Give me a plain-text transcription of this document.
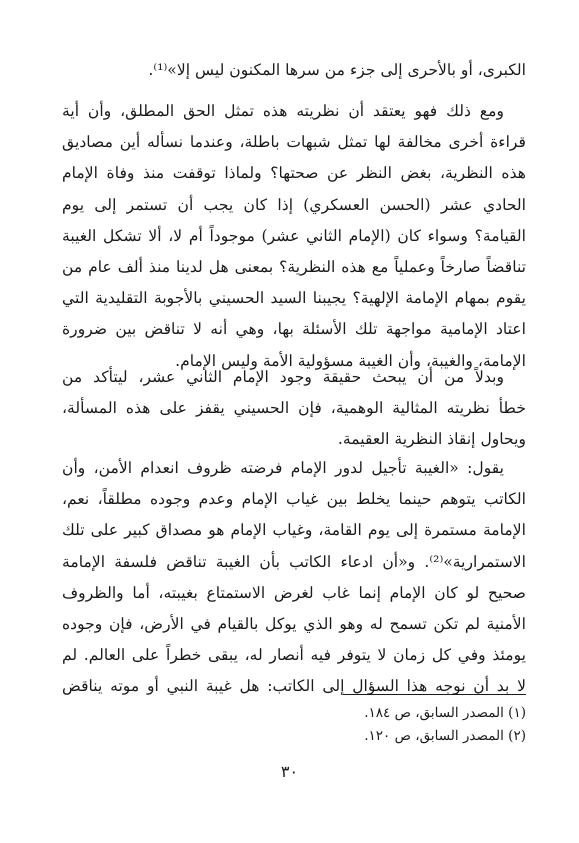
الكبرى، أو بالأحرى إلى جزء من سرها المكنون ليس إلا»⁽¹⁾.
ومع ذلك فهو يعتقد أن نظريته هذه تمثل الحق المطلق، وأن أية
قراءة أخرى مخالفة لها تمثل شبهات باطلة، وعندما نسأله أين مصاديق
هذه النظرية، بغض النظر عن صحتها؟ ولماذا توقفت منذ وفاة الإمام
الحادي عشر (الحسن العسكري) إذا كان يجب أن تستمر إلى يوم
القيامة؟ وسواء كان (الإمام الثاني عشر) موجوداً أم لا، ألا تشكل الغيبة
تناقضاً صارخاً وعملياً مع هذه النظرية؟ بمعنى هل لدينا منذ ألف عام من
يقوم بمهام الإمامة الإلهية؟ يجيبنا السيد الحسيني بالأجوبة التقليدية التي
اعتاد الإمامية مواجهة تلك الأسئلة بها، وهي أنه لا تناقض بين ضرورة
الإمامة، والغيبة، وأن الغيبة مسؤولية الأمة وليس الإمام.
وبدلاً من أن يبحث حقيقة وجود الإمام الثاني عشر، ليتأكد من
خطأ نظريته المثالية الوهمية، فإن الحسيني يقفز على هذه المسألة،
ويحاول إنقاذ النظرية العقيمة.
يقول: «الغيبة تأجيل لدور الإمام فرضته ظروف انعدام الأمن، وأن
الكاتب يتوهم حينما يخلط بين غياب الإمام وعدم وجوده مطلقاً، نعم،
الإمامة مستمرة إلى يوم القامة، وغياب الإمام هو مصداق كبير على تلك
الاستمرارية»⁽²⁾. و«أن ادعاء الكاتب بأن الغيبة تناقض فلسفة الإمامة
صحيح لو كان الإمام إنما غاب لغرض الاستمتاع بغيبته، أما والظروف
الأمنية لم تكن تسمح له وهو الذي يوكل بالقيام في الأرض، فإن وجوده
يومئذ وفي كل زمان لا يتوفر فيه أنصار له، يبقى خطراً على العالم. لم
لا بد أن نوجه هذا السؤال إلى الكاتب: هل غيبة النبي أو موته يناقض
(١) المصدر السابق، ص ١٨٤.
(٢) المصدر السابق، ص ١٢٠.
٣٠
